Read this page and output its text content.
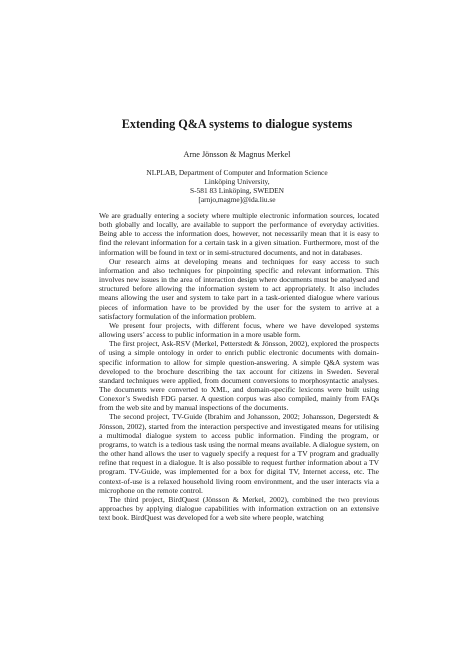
Extending Q&A systems to dialogue systems
Arne Jönsson & Magnus Merkel
NLPLAB, Department of Computer and Information Science
Linköping University,
S-581 83 Linköping, SWEDEN
[arnjo,magme]@ida.liu.se

We are gradually entering a society where multiple electronic information sources, located both globally and locally, are available to support the performance of everyday activities. Being able to access the information does, however, not necessarily mean that it is easy to find the relevant information for a certain task in a given situation. Furthermore, most of the information will be found in text or in semi-structured documents, and not in databases.

Our research aims at developing means and techniques for easy access to such information and also techniques for pinpointing specific and relevant information. This involves new issues in the area of interaction design where documents must be analysed and structured before allowing the information system to act appropriately. It also includes means allowing the user and system to take part in a task-oriented dialogue where various pieces of information have to be provided by the user for the system to arrive at a satisfactory formulation of the information problem.

We present four projects, with different focus, where we have developed systems allowing users’ access to public information in a more usable form.

The first project, Ask-RSV (Merkel, Petterstedt & Jönsson, 2002), explored the prospects of using a simple ontology in order to enrich public electronic documents with domain-specific information to allow for simple question-answering. A simple Q&A system was developed to the brochure describing the tax account for citizens in Sweden. Several standard techniques were applied, from document conversions to morphosyntactic analyses. The documents were converted to XML, and domain-specific lexicons were built using Conexor’s Swedish FDG parser. A question corpus was also compiled, mainly from FAQs from the web site and by manual inspections of the documents.

The second project, TV-Guide (Ibrahim and Johansson, 2002; Johansson, Degerstedt & Jönsson, 2002), started from the interaction perspective and investigated means for utilising a multimodal dialogue system to access public information. Finding the program, or programs, to watch is a tedious task using the normal means available. A dialogue system, on the other hand allows the user to vaguely specify a request for a TV program and gradually refine that request in a dialogue. It is also possible to request further information about a TV program. TV-Guide, was implemented for a box for digital TV, Internet access, etc. The context-of-use is a relaxed household living room environment, and the user interacts via a microphone on the remote control.

The third project, BirdQuest (Jönsson & Merkel, 2002), combined the two previous approaches by applying dialogue capabilities with information extraction on an extensive text book. BirdQuest was developed for a web site where people, watching
